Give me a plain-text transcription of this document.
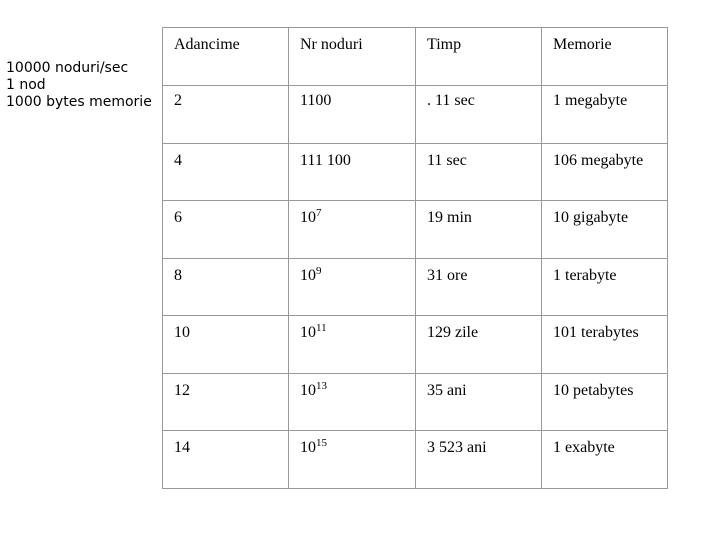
10000 noduri/sec
1 nod
1000 bytes memorie
Adancime	Nr noduri	Timp	Memorie
2	1100	. 11 sec	1 megabyte
4	111 100	11 sec	106 megabyte
6	$10^7$	19 min	10 gigabyte
8	$10^9$	31 ore	1 terabyte
10	$10^{11}$	129 zile	101 terabytes
12	$10^{13}$	35 ani	10 petabytes
14	$10^{15}$	3 523 ani	1 exabyte
